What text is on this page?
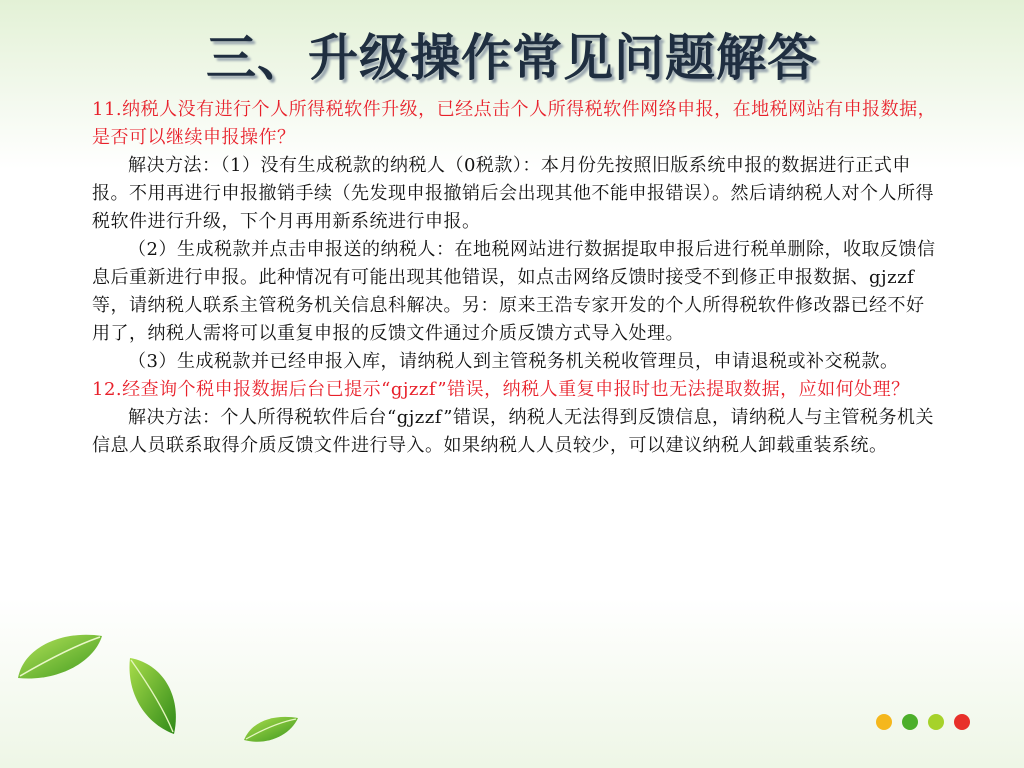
三、升级操作常见问题解答

11.纳税人没有进行个人所得税软件升级，已经点击个人所得税软件网络申报，在地税网站有申报数据，是否可以继续申报操作？

解决方法：（1）没有生成税款的纳税人（0税款）：本月份先按照旧版系统申报的数据进行正式申报。不用再进行申报撤销手续（先发现申报撤销后会出现其他不能申报错误）。然后请纳税人对个人所得税软件进行升级，下个月再用新系统进行申报。

（2）生成税款并点击申报送的纳税人：在地税网站进行数据提取申报后进行税单删除，收取反馈信息后重新进行申报。此种情况有可能出现其他错误，如点击网络反馈时接受不到修正申报数据、gjzzf等，请纳税人联系主管税务机关信息科解决。另：原来王浩专家开发的个人所得税软件修改器已经不好用了，纳税人需将可以重复申报的反馈文件通过介质反馈方式导入处理。

（3）生成税款并已经申报入库，请纳税人到主管税务机关税收管理员，申请退税或补交税款。

12.经查询个税申报数据后台已提示“gjzzf”错误，纳税人重复申报时也无法提取数据，应如何处理？

解决方法：个人所得税软件后台“gjzzf”错误，纳税人无法得到反馈信息，请纳税人与主管税务机关信息人员联系取得介质反馈文件进行导入。如果纳税人人员较少，可以建议纳税人卸载重装系统。
